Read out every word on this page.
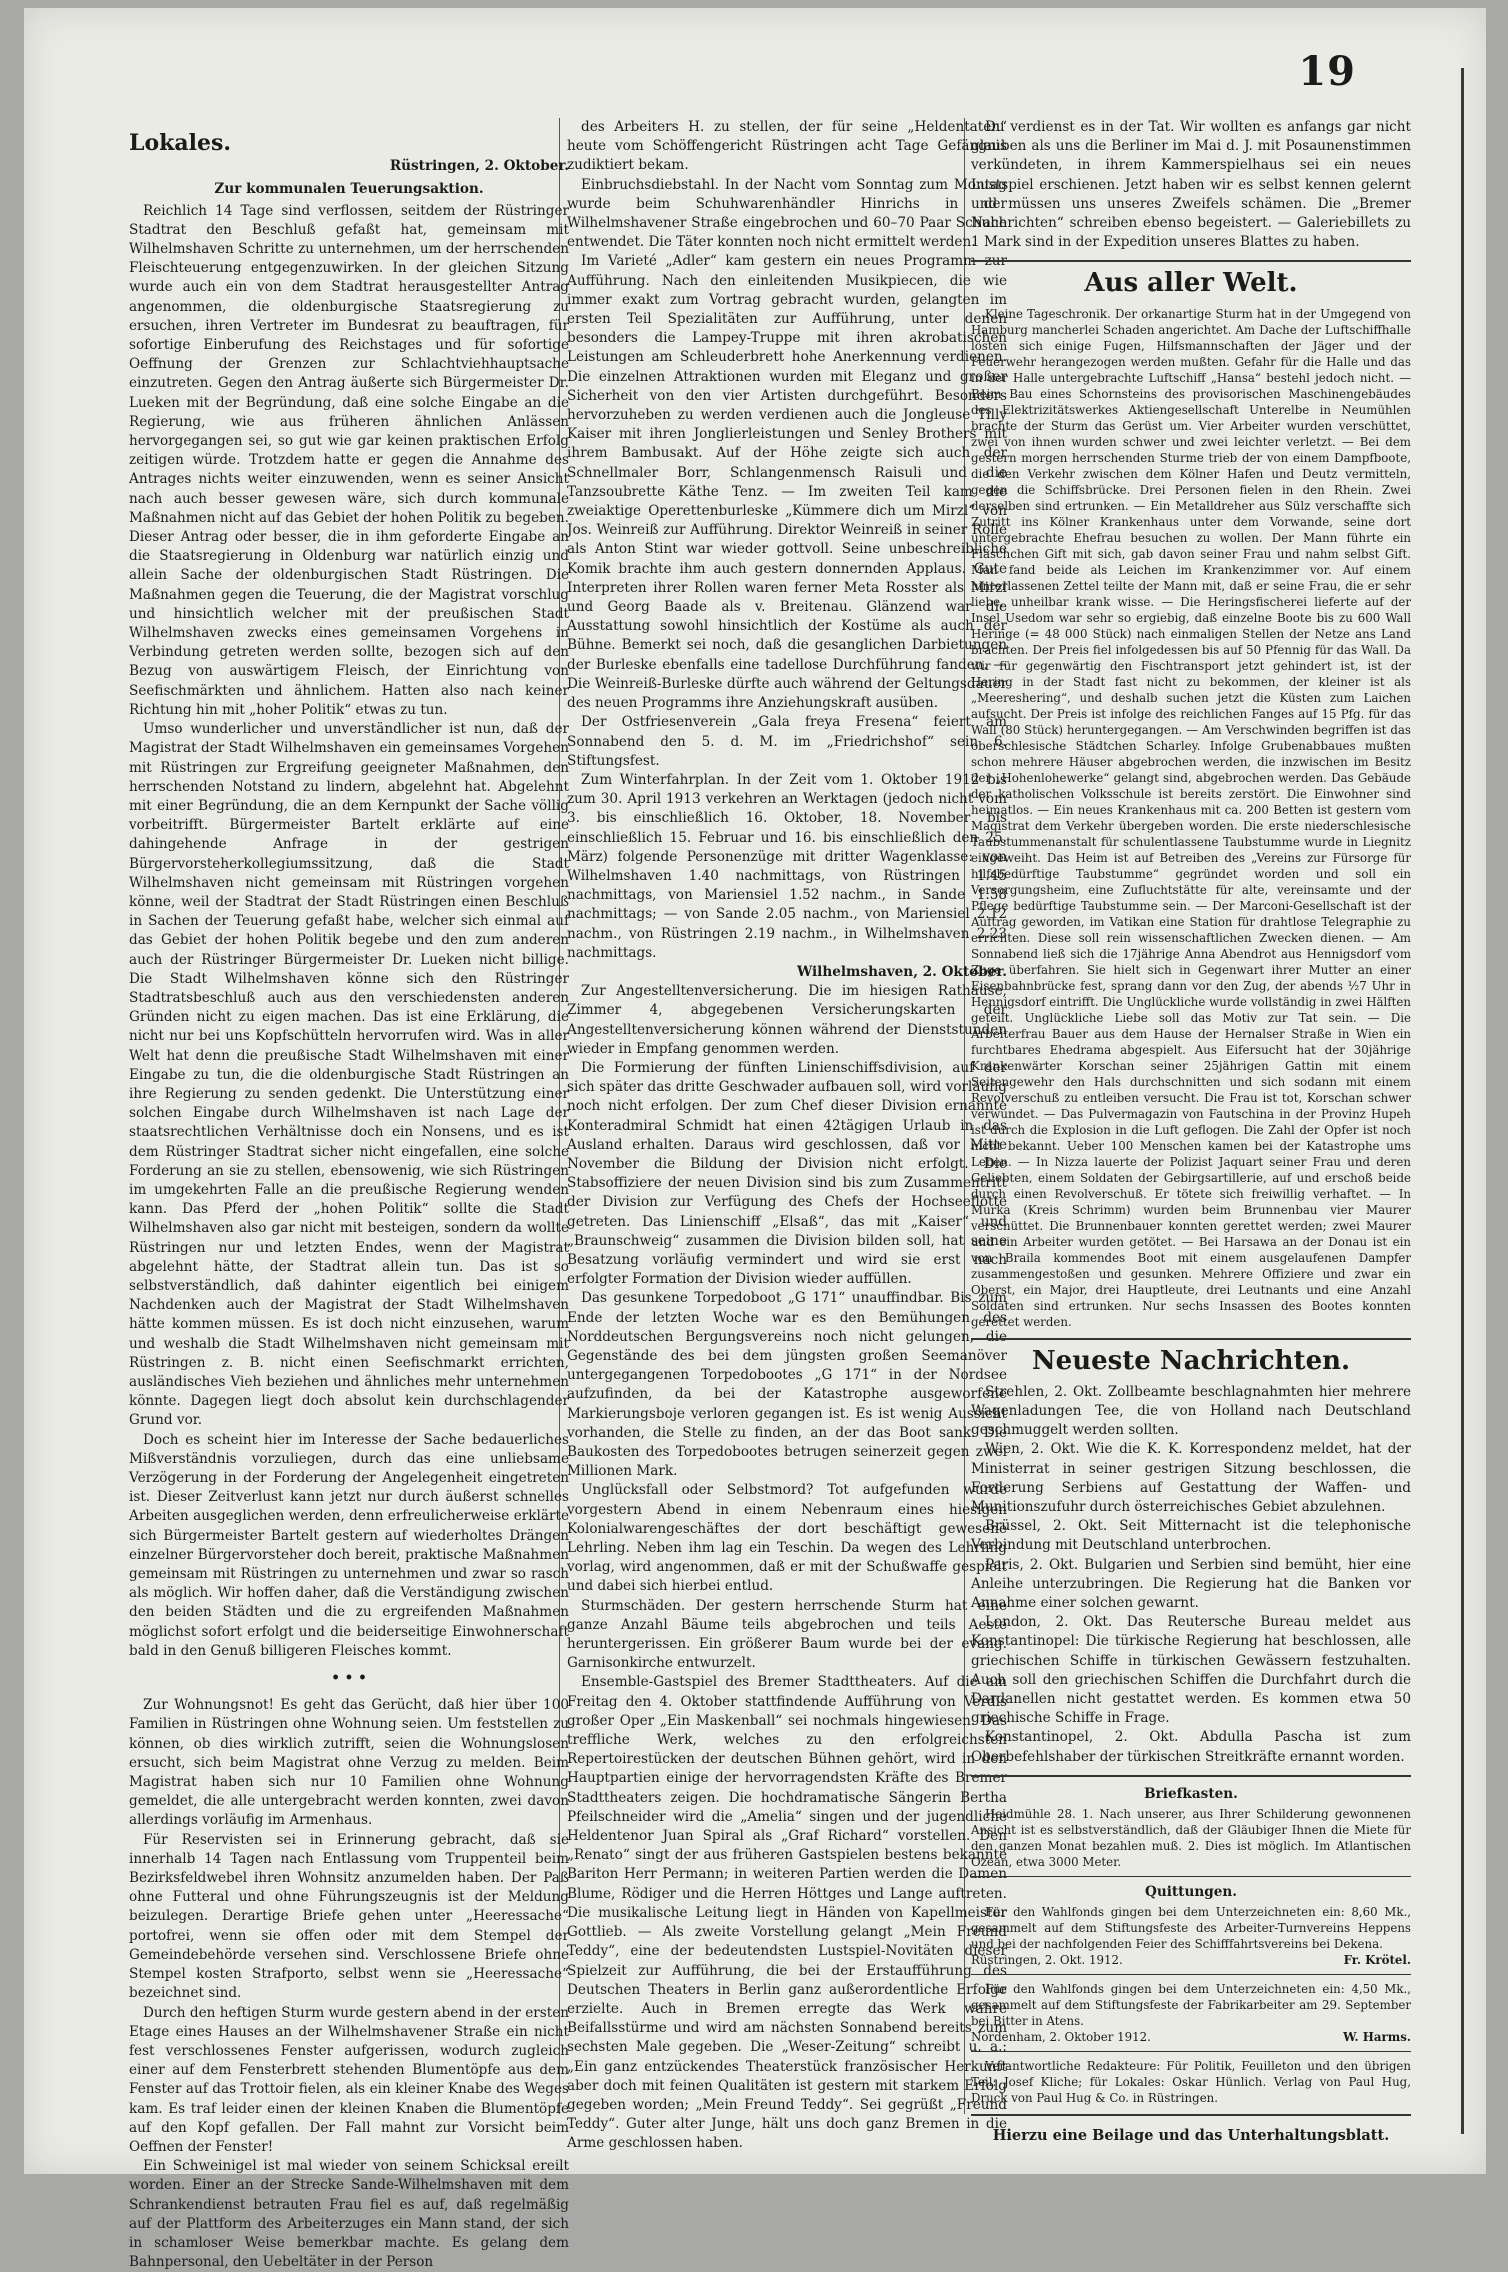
19
Lokales.
Rüstringen, 2. Oktober.
Zur kommunalen Teuerungsaktion.

Reichlich 14 Tage sind verflossen, seitdem der Rüstringer Stadtrat den Beschluß gefaßt hat, gemeinsam mit Wilhelmshaven Schritte zu unternehmen, um der herrschenden Fleischteuerung entgegenzuwirken. In der gleichen Sitzung wurde auch ein von dem Stadtrat herausgestellter Antrag angenommen, die oldenburgische Staatsregierung zu ersuchen, ihren Vertreter im Bundesrat zu beauftragen, für sofortige Einberufung des Reichstages und für sofortige Oeffnung der Grenzen zur Schlachtviehhauptsache einzutreten. Gegen den Antrag äußerte sich Bürgermeister Dr. Lueken mit der Begründung, daß eine solche Eingabe an die Regierung, wie aus früheren ähnlichen Anlässen hervorgegangen sei, so gut wie gar keinen praktischen Erfolg zeitigen würde. Trotzdem hatte er gegen die Annahme des Antrages nichts weiter einzuwenden, wenn es seiner Ansicht nach auch besser gewesen wäre, sich durch kommunale Maßnahmen nicht auf das Gebiet der hohen Politik zu begeben. Dieser Antrag oder besser, die in ihm geforderte Eingabe an die Staatsregierung in Oldenburg war natürlich einzig und allein Sache der oldenburgischen Stadt Rüstringen. Die Maßnahmen gegen die Teuerung, die der Magistrat vorschlug und hinsichtlich welcher mit der preußischen Stadt Wilhelmshaven zwecks eines gemeinsamen Vorgehens in Verbindung getreten werden sollte, bezogen sich auf den Bezug von auswärtigem Fleisch, der Einrichtung von Seefischmärkten und ähnlichem. Hatten also nach keiner Richtung hin mit „hoher Politik“ etwas zu tun.

Umso wunderlicher und unverständlicher ist nun, daß der Magistrat der Stadt Wilhelmshaven ein gemeinsames Vorgehen mit Rüstringen zur Ergreifung geeigneter Maßnahmen, den herrschenden Notstand zu lindern, abgelehnt hat. Abgelehnt mit einer Begründung, die an dem Kernpunkt der Sache völlig vorbeitrifft. Bürgermeister Bartelt erklärte auf eine dahingehende Anfrage in der gestrigen Bürgervorsteherkollegiumssitzung, daß die Stadt Wilhelmshaven nicht gemeinsam mit Rüstringen vorgehen könne, weil der Stadtrat der Stadt Rüstringen einen Beschluß in Sachen der Teuerung gefaßt habe, welcher sich einmal auf das Gebiet der hohen Politik begebe und den zum anderen auch der Rüstringer Bürgermeister Dr. Lueken nicht billige. Die Stadt Wilhelmshaven könne sich den Rüstringer Stadtratsbeschluß auch aus den verschiedensten anderen Gründen nicht zu eigen machen. Das ist eine Erklärung, die nicht nur bei uns Kopfschütteln hervorrufen wird. Was in aller Welt hat denn die preußische Stadt Wilhelmshaven mit einer Eingabe zu tun, die die oldenburgische Stadt Rüstringen an ihre Regierung zu senden gedenkt. Die Unterstützung einer solchen Eingabe durch Wilhelmshaven ist nach Lage der staatsrechtlichen Verhältnisse doch ein Nonsens, und es ist dem Rüstringer Stadtrat sicher nicht eingefallen, eine solche Forderung an sie zu stellen, ebensowenig, wie sich Rüstringen im umgekehrten Falle an die preußische Regierung wenden kann. Das Pferd der „hohen Politik“ sollte die Stadt Wilhelmshaven also gar nicht mit besteigen, sondern da wollte Rüstringen nur und letzten Endes, wenn der Magistrat abgelehnt hätte, der Stadtrat allein tun. Das ist so selbstverständlich, daß dahinter eigentlich bei einigem Nachdenken auch der Magistrat der Stadt Wilhelmshaven hätte kommen müssen. Es ist doch nicht einzusehen, warum und weshalb die Stadt Wilhelmshaven nicht gemeinsam mit Rüstringen z. B. nicht einen Seefischmarkt errichten, ausländisches Vieh beziehen und ähnliches mehr unternehmen könnte. Dagegen liegt doch absolut kein durchschlagender Grund vor.

Doch es scheint hier im Interesse der Sache bedauerliches Mißverständnis vorzuliegen, durch das eine unliebsame Verzögerung in der Forderung der Angelegenheit eingetreten ist. Dieser Zeitverlust kann jetzt nur durch äußerst schnelles Arbeiten ausgeglichen werden, denn erfreulicherweise erklärte sich Bürgermeister Bartelt gestern auf wiederholtes Drängen einzelner Bürgervorsteher doch bereit, praktische Maßnahmen gemeinsam mit Rüstringen zu unternehmen und zwar so rasch als möglich. Wir hoffen daher, daß die Verständigung zwischen den beiden Städten und die zu ergreifenden Maßnahmen möglichst sofort erfolgt und die beiderseitige Einwohnerschaft bald in den Genuß billigeren Fleisches kommt.

• • •

Zur Wohnungsnot! Es geht das Gerücht, daß hier über 100 Familien in Rüstringen ohne Wohnung seien. Um feststellen zu können, ob dies wirklich zutrifft, seien die Wohnungslosen ersucht, sich beim Magistrat ohne Verzug zu melden. Beim Magistrat haben sich nur 10 Familien ohne Wohnung gemeldet, die alle untergebracht werden konnten, zwei davon allerdings vorläufig im Armenhaus.

Für Reservisten sei in Erinnerung gebracht, daß sie innerhalb 14 Tagen nach Entlassung vom Truppenteil beim Bezirksfeldwebel ihren Wohnsitz anzumelden haben. Der Paß ohne Futteral und ohne Führungszeugnis ist der Meldung beizulegen. Derartige Briefe gehen unter „Heeressache“ portofrei, wenn sie offen oder mit dem Stempel der Gemeindebehörde versehen sind. Verschlossene Briefe ohne Stempel kosten Strafporto, selbst wenn sie „Heeressache“ bezeichnet sind.

Durch den heftigen Sturm wurde gestern abend in der ersten Etage eines Hauses an der Wilhelmshavener Straße ein nicht fest verschlossenes Fenster aufgerissen, wodurch zugleich einer auf dem Fensterbrett stehenden Blumentöpfe aus dem Fenster auf das Trottoir fielen, als ein kleiner Knabe des Weges kam. Es traf leider einen der kleinen Knaben die Blumentöpfe auf den Kopf gefallen. Der Fall mahnt zur Vorsicht beim Oeffnen der Fenster!

Ein Schweinigel ist mal wieder von seinem Schicksal ereilt worden. Einer an der Strecke Sande-Wilhelmshaven mit dem Schrankendienst betrauten Frau fiel es auf, daß regelmäßig auf der Plattform des Arbeiterzuges ein Mann stand, der sich in schamloser Weise bemerkbar machte. Es gelang dem Bahnpersonal, den Uebeltäter in der Person

des Arbeiters H. zu stellen, der für seine „Heldentaten“ heute vom Schöffengericht Rüstringen acht Tage Gefängnis zudiktiert bekam.

Einbruchsdiebstahl. In der Nacht vom Sonntag zum Montag wurde beim Schuhwarenhändler Hinrichs in der Wilhelmshavener Straße eingebrochen und 60–70 Paar Schuhe entwendet. Die Täter konnten noch nicht ermittelt werden.

Im Varieté „Adler“ kam gestern ein neues Programm zur Aufführung. Nach den einleitenden Musikpiecen, die wie immer exakt zum Vortrag gebracht wurden, gelangten im ersten Teil Spezialitäten zur Aufführung, unter denen besonders die Lampey-Truppe mit ihren akrobatischen Leistungen am Schleuderbrett hohe Anerkennung verdienen. Die einzelnen Attraktionen wurden mit Eleganz und großer Sicherheit von den vier Artisten durchgeführt. Besonders hervorzuheben zu werden verdienen auch die Jongleuse Tilly Kaiser mit ihren Jonglierleistungen und Senley Brothers mit ihrem Bambusakt. Auf der Höhe zeigte sich auch der Schnellmaler Borr, Schlangenmensch Raisuli und die Tanzsoubrette Käthe Tenz. — Im zweiten Teil kam die zweiaktige Operettenburleske „Kümmere dich um Mirzl“ von Jos. Weinreiß zur Aufführung. Direktor Weinreiß in seiner Rolle als Anton Stint war wieder gottvoll. Seine unbeschreibliche Komik brachte ihm auch gestern donnernden Applaus. Gute Interpreten ihrer Rollen waren ferner Meta Rosster als Mirzl und Georg Baade als v. Breitenau. Glänzend war die Ausstattung sowohl hinsichtlich der Kostüme als auch der Bühne. Bemerkt sei noch, daß die gesanglichen Darbietungen der Burleske ebenfalls eine tadellose Durchführung fanden. — Die Weinreiß-Burleske dürfte auch während der Geltungsdauer des neuen Programms ihre Anziehungskraft ausüben.

Der Ostfriesenverein „Gala freya Fresena“ feiert am Sonnabend den 5. d. M. im „Friedrichshof“ sein 6. Stiftungsfest.

Zum Winterfahrplan. In der Zeit vom 1. Oktober 1912 bis zum 30. April 1913 verkehren an Werktagen (jedoch nicht vom 3. bis einschließlich 16. Oktober, 18. November bis einschließlich 15. Februar und 16. bis einschließlich den 25. März) folgende Personenzüge mit dritter Wagenklasse: von Wilhelmshaven 1.40 nachmittags, von Rüstringen 1.45 nachmittags, von Mariensiel 1.52 nachm., in Sande 1.58 nachmittags; — von Sande 2.05 nachm., von Mariensiel 2.12 nachm., von Rüstringen 2.19 nachm., in Wilhelmshaven 2.23 nachmittags.

Wilhelmshaven, 2. Oktober.

Zur Angestelltenversicherung. Die im hiesigen Rathause, Zimmer 4, abgegebenen Versicherungskarten der Angestelltenversicherung können während der Dienststunden wieder in Empfang genommen werden.

Die Formierung der fünften Linienschiffsdivision, auf der sich später das dritte Geschwader aufbauen soll, wird vorläufig noch nicht erfolgen. Der zum Chef dieser Division ernannte Konteradmiral Schmidt hat einen 42tägigen Urlaub in das Ausland erhalten. Daraus wird geschlossen, daß vor Mitte November die Bildung der Division nicht erfolgt. Die Stabsoffiziere der neuen Division sind bis zum Zusammentritt der Division zur Verfügung des Chefs der Hochseeflotte getreten. Das Linienschiff „Elsaß“, das mit „Kaiser“ und „Braunschweig“ zusammen die Division bilden soll, hat seine Besatzung vorläufig vermindert und wird sie erst nach erfolgter Formation der Division wieder auffüllen.

Das gesunkene Torpedoboot „G 171“ unauffindbar. Bis zum Ende der letzten Woche war es den Bemühungen des Norddeutschen Bergungsvereins noch nicht gelungen, die Gegenstände des bei dem jüngsten großen Seemanöver untergegangenen Torpedobootes „G 171“ in der Nordsee aufzufinden, da bei der Katastrophe ausgeworfene Markierungsboje verloren gegangen ist. Es ist wenig Aussicht vorhanden, die Stelle zu finden, an der das Boot sank. Die Baukosten des Torpedobootes betrugen seinerzeit gegen zwei Millionen Mark.

Unglücksfall oder Selbstmord? Tot aufgefunden wurde vorgestern Abend in einem Nebenraum eines hiesigen Kolonialwarengeschäftes der dort beschäftigt gewesene Lehrling. Neben ihm lag ein Teschin. Da wegen des Lehrling vorlag, wird angenommen, daß er mit der Schußwaffe gespielt und dabei sich hierbei entlud.

Sturmschäden. Der gestern herrschende Sturm hat eine ganze Anzahl Bäume teils abgebrochen und teils Aeste heruntergerissen. Ein größerer Baum wurde bei der evang. Garnisonkirche entwurzelt.

Ensemble-Gastspiel des Bremer Stadttheaters. Auf die am Freitag den 4. Oktober stattfindende Aufführung von Verdis großer Oper „Ein Maskenball“ sei nochmals hingewiesen. Das treffliche Werk, welches zu den erfolgreichsten Repertoirestücken der deutschen Bühnen gehört, wird in den Hauptpartien einige der hervorragendsten Kräfte des Bremer Stadttheaters zeigen. Die hochdramatische Sängerin Bertha Pfeilschneider wird die „Amelia“ singen und der jugendliche Heldentenor Juan Spiral als „Graf Richard“ vorstellen. Den „Renato“ singt der aus früheren Gastspielen bestens bekannte Bariton Herr Permann; in weiteren Partien werden die Damen Blume, Rödiger und die Herren Höttges und Lange auftreten. Die musikalische Leitung liegt in Händen von Kapellmeister Gottlieb. — Als zweite Vorstellung gelangt „Mein Freund Teddy“, eine der bedeutendsten Lustspiel-Novitäten dieser Spielzeit zur Aufführung, die bei der Erstaufführung des Deutschen Theaters in Berlin ganz außerordentliche Erfolge erzielte. Auch in Bremen erregte das Werk wahre Beifallsstürme und wird am nächsten Sonnabend bereits zum sechsten Male gegeben. Die „Weser-Zeitung“ schreibt u. a.: „Ein ganz entzückendes Theaterstück französischer Herkunft aber doch mit feinen Qualitäten ist gestern mit starkem Erfolg gegeben worden; „Mein Freund Teddy“. Sei gegrüßt „Freund Teddy“. Guter alter Junge, hält uns doch ganz Bremen in die Arme geschlossen haben.

Du verdienst es in der Tat. Wir wollten es anfangs gar nicht glauben als uns die Berliner im Mai d. J. mit Posaunenstimmen verkündeten, in ihrem Kammerspielhaus sei ein neues Lustspiel erschienen. Jetzt haben wir es selbst kennen gelernt und müssen uns unseres Zweifels schämen. Die „Bremer Nachrichten“ schreiben ebenso begeistert. — Galeriebillets zu 1 Mark sind in der Expedition unseres Blattes zu haben.

Aus aller Welt.

Kleine Tageschronik. Der orkanartige Sturm hat in der Umgegend von Hamburg mancherlei Schaden angerichtet. Am Dache der Luftschiffhalle lösten sich einige Fugen, Hilfsmannschaften der Jäger und der Feuerwehr herangezogen werden mußten. Gefahr für die Halle und das in der Halle untergebrachte Luftschiff „Hansa“ bestehl jedoch nicht. — Beim Bau eines Schornsteins des provisorischen Maschinengebäudes des Elektrizitätswerkes Aktiengesellschaft Unterelbe in Neumühlen brachte der Sturm das Gerüst um. Vier Arbeiter wurden verschüttet, zwei von ihnen wurden schwer und zwei leichter verletzt. — Bei dem gestern morgen herrschenden Sturme trieb der von einem Dampfboote, die den Verkehr zwischen dem Kölner Hafen und Deutz vermitteln, gegen die Schiffsbrücke. Drei Personen fielen in den Rhein. Zwei derselben sind ertrunken. — Ein Metalldreher aus Sülz verschaffte sich Zutritt ins Kölner Krankenhaus unter dem Vorwande, seine dort untergebrachte Ehefrau besuchen zu wollen. Der Mann führte ein Fläschchen Gift mit sich, gab davon seiner Frau und nahm selbst Gift. Man fand beide als Leichen im Krankenzimmer vor. Auf einem hinterlassenen Zettel teilte der Mann mit, daß er seine Frau, die er sehr liebe, unheilbar krank wisse. — Die Heringsfischerei lieferte auf der Insel Usedom war sehr so ergiebig, daß einzelne Boote bis zu 600 Wall Heringe (= 48 000 Stück) nach einmaligen Stellen der Netze ans Land brachten. Der Preis fiel infolgedessen bis auf 50 Pfennig für das Wall. Da wir für gegenwärtig den Fischtransport jetzt gehindert ist, ist der Hering in der Stadt fast nicht zu bekommen, der kleiner ist als „Meereshering“, und deshalb suchen jetzt die Küsten zum Laichen aufsucht. Der Preis ist infolge des reichlichen Fanges auf 15 Pfg. für das Wall (80 Stück) heruntergegangen. — Am Verschwinden begriffen ist das oberschlesische Städtchen Scharley. Infolge Grubenabbaues mußten schon mehrere Häuser abgebrochen werden, die inzwischen im Besitz der „Hohenlohewerke“ gelangt sind, abgebrochen werden. Das Gebäude der katholischen Volksschule ist bereits zerstört. Die Einwohner sind heimatlos. — Ein neues Krankenhaus mit ca. 200 Betten ist gestern vom Magistrat dem Verkehr übergeben worden. Die erste niederschlesische Taubstummenanstalt für schulentlassene Taubstumme wurde in Liegnitz eingeweiht. Das Heim ist auf Betreiben des „Vereins zur Fürsorge für hilfsbedürftige Taubstumme“ gegründet worden und soll ein Versorgungsheim, eine Zufluchtstätte für alte, vereinsamte und der Pflege bedürftige Taubstumme sein. — Der Marconi-Gesellschaft ist der Auftrag geworden, im Vatikan eine Station für drahtlose Telegraphie zu errichten. Diese soll rein wissenschaftlichen Zwecken dienen. — Am Sonnabend ließ sich die 17jährige Anna Abendrot aus Hennigsdorf vom Zuge überfahren. Sie hielt sich in Gegenwart ihrer Mutter an einer Eisenbahnbrücke fest, sprang dann vor den Zug, der abends ½7 Uhr in Hennigsdorf eintrifft. Die Unglückliche wurde vollständig in zwei Hälften geteilt. Unglückliche Liebe soll das Motiv zur Tat sein. — Die Arbeiterfrau Bauer aus dem Hause der Hernalser Straße in Wien ein furchtbares Ehedrama abgespielt. Aus Eifersucht hat der 30jährige Krankenwärter Korschan seiner 25jährigen Gattin mit einem Seitengewehr den Hals durchschnitten und sich sodann mit einem Revolverschuß zu entleiben versucht. Die Frau ist tot, Korschan schwer verwundet. — Das Pulvermagazin von Fautschina in der Provinz Hupeh ist durch die Explosion in die Luft geflogen. Die Zahl der Opfer ist noch nicht bekannt. Ueber 100 Menschen kamen bei der Katastrophe ums Leben. — In Nizza lauerte der Polizist Jaquart seiner Frau und deren Geliebten, einem Soldaten der Gebirgsartillerie, auf und erschoß beide durch einen Revolverschuß. Er tötete sich freiwillig verhaftet. — In Murka (Kreis Schrimm) wurden beim Brunnenbau vier Maurer verschüttet. Die Brunnenbauer konnten gerettet werden; zwei Maurer und ein Arbeiter wurden getötet. — Bei Harsawa an der Donau ist ein von Braila kommendes Boot mit einem ausgelaufenen Dampfer zusammengestoßen und gesunken. Mehrere Offiziere und zwar ein Oberst, ein Major, drei Hauptleute, drei Leutnants und eine Anzahl Soldaten sind ertrunken. Nur sechs Insassen des Bootes konnten gerettet werden.

Neueste Nachrichten.

Strehlen, 2. Okt. Zollbeamte beschlagnahmten hier mehrere Wagenladungen Tee, die von Holland nach Deutschland geschmuggelt werden sollten.

Wien, 2. Okt. Wie die K. K. Korrespondenz meldet, hat der Ministerrat in seiner gestrigen Sitzung beschlossen, die Forderung Serbiens auf Gestattung der Waffen- und Munitionszufuhr durch österreichisches Gebiet abzulehnen.

Brüssel, 2. Okt. Seit Mitternacht ist die telephonische Verbindung mit Deutschland unterbrochen.

Paris, 2. Okt. Bulgarien und Serbien sind bemüht, hier eine Anleihe unterzubringen. Die Regierung hat die Banken vor Annahme einer solchen gewarnt.

London, 2. Okt. Das Reutersche Bureau meldet aus Konstantinopel: Die türkische Regierung hat beschlossen, alle griechischen Schiffe in türkischen Gewässern festzuhalten. Auch soll den griechischen Schiffen die Durchfahrt durch die Dardanellen nicht gestattet werden. Es kommen etwa 50 griechische Schiffe in Frage.

Konstantinopel, 2. Okt. Abdulla Pascha ist zum Oberbefehlshaber der türkischen Streitkräfte ernannt worden.

Briefkasten.

Heidmühle 28. 1. Nach unserer, aus Ihrer Schilderung gewonnenen Ansicht ist es selbstverständlich, daß der Gläubiger Ihnen die Miete für den ganzen Monat bezahlen muß. 2. Dies ist möglich. Im Atlantischen Ozean, etwa 3000 Meter.

Quittungen.

Für den Wahlfonds gingen bei dem Unterzeichneten ein: 8,60 Mk., gesammelt auf dem Stiftungsfeste des Arbeiter-Turnvereins Heppens und bei der nachfolgenden Feier des Schifffahrtsvereins bei Dekena.

Rüstringen, 2. Okt. 1912.	Fr. Krötel.

Für den Wahlfonds gingen bei dem Unterzeichneten ein: 4,50 Mk., gesammelt auf dem Stiftungsfeste der Fabrikarbeiter am 29. September bei Bitter in Atens.

Nordenham, 2. Oktober 1912.	W. Harms.

Verantwortliche Redakteure: Für Politik, Feuilleton und den übrigen Teil: Josef Kliche; für Lokales: Oskar Hünlich. Verlag von Paul Hug, Druck von Paul Hug & Co. in Rüstringen.

Hierzu eine Beilage und das Unterhaltungsblatt.
